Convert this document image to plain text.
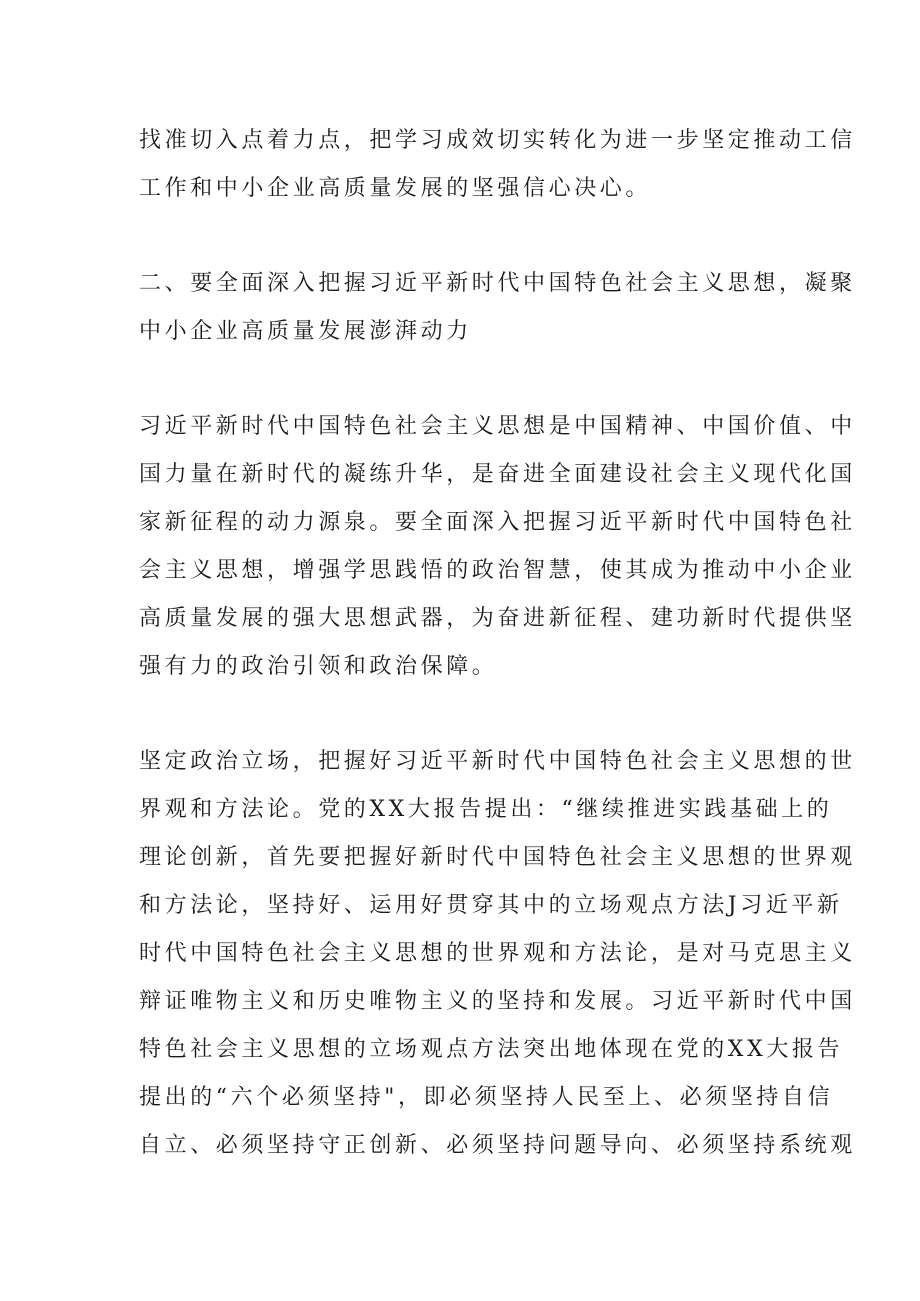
找准切入点着力点，把学习成效切实转化为进一步坚定推动工信
工作和中小企业高质量发展的坚强信心决心。
二、要全面深入把握习近平新时代中国特色社会主义思想，凝聚
中小企业高质量发展澎湃动力
习近平新时代中国特色社会主义思想是中国精神、中国价值、中
国力量在新时代的凝练升华，是奋进全面建设社会主义现代化国
家新征程的动力源泉。要全面深入把握习近平新时代中国特色社
会主义思想，增强学思践悟的政治智慧，使其成为推动中小企业
高质量发展的强大思想武器，为奋进新征程、建功新时代提供坚
强有力的政治引领和政治保障。
坚定政治立场，把握好习近平新时代中国特色社会主义思想的世
界观和方法论。党的XX大报告提出：“继续推进实践基础上的
理论创新，首先要把握好新时代中国特色社会主义思想的世界观
和方法论，坚持好、运用好贯穿其中的立场观点方法J习近平新
时代中国特色社会主义思想的世界观和方法论，是对马克思主义
辩证唯物主义和历史唯物主义的坚持和发展。习近平新时代中国
特色社会主义思想的立场观点方法突出地体现在党的XX大报告
提出的“六个必须坚持"，即必须坚持人民至上、必须坚持自信
自立、必须坚持守正创新、必须坚持问题导向、必须坚持系统观
